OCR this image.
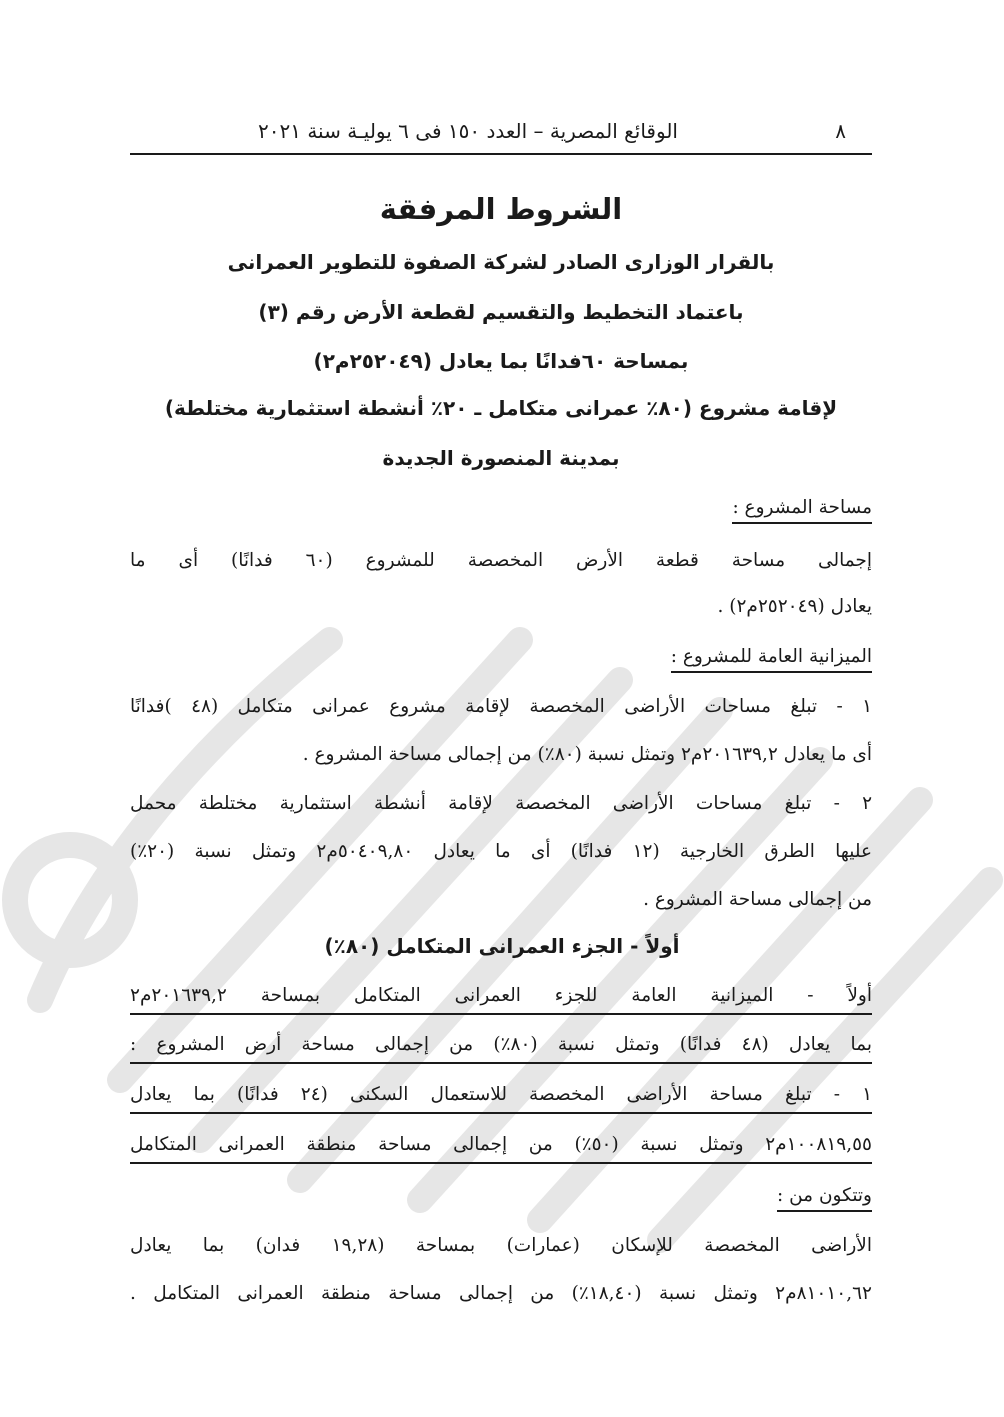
٨
الوقائع المصرية – العدد ١٥٠ فى ٦ يوليـة سنة ٢٠٢١
الشروط المرفقة
بالقرار الوزارى الصادر لشركة الصفوة للتطوير العمرانى
باعتماد التخطيط والتقسيم لقطعة الأرض رقم (٣)
بمساحة ٦٠فدانًا بما يعادل (٢٥٢٠٤٩م٢)
لإقامة مشروع (٨٠٪ عمرانى متكامل ـ ٢٠٪ أنشطة استثمارية مختلطة)
بمدينة المنصورة الجديدة
مساحة المشروع :
إجمالى مساحة قطعة الأرض المخصصة للمشروع (٦٠ فدانًا) أى ما
يعادل (٢٥٢٠٤٩م٢) .
الميزانية العامة للمشروع :
١ - تبلغ مساحات الأراضى المخصصة لإقامة مشروع عمرانى متكامل (٤٨ )فدانًا
أى ما يعادل ٢٠١٦٣٩,٢م٢ وتمثل نسبة (٨٠٪) من إجمالى مساحة المشروع .
٢ - تبلغ مساحات الأراضى المخصصة لإقامة أنشطة استثمارية مختلطة محمل
عليها الطرق الخارجية (١٢ فدانًا) أى ما يعادل ٥٠٤٠٩,٨٠م٢ وتمثل نسبة (٢٠٪)
من إجمالى مساحة المشروع .
أولاً - الجزء العمرانى المتكامل (٨٠٪)
أولاً - الميزانية العامة للجزء العمرانى المتكامل بمساحة ٢٠١٦٣٩,٢م٢
بما يعادل (٤٨ فدانًا) وتمثل نسبة (٨٠٪) من إجمالى مساحة أرض المشروع :
١ - تبلغ مساحة الأراضى المخصصة للاستعمال السكنى (٢٤ فدانًا) بما يعادل
١٠٠٨١٩,٥٥م٢ وتمثل نسبة (٥٠٪) من إجمالى مساحة منطقة العمرانى المتكامل
وتتكون من :
الأراضى المخصصة للإسكان (عمارات) بمساحة (١٩,٢٨ فدان) بما يعادل
٨١٠١٠,٦٢م٢ وتمثل نسبة (١٨,٤٠٪) من إجمالى مساحة منطقة العمرانى المتكامل .
